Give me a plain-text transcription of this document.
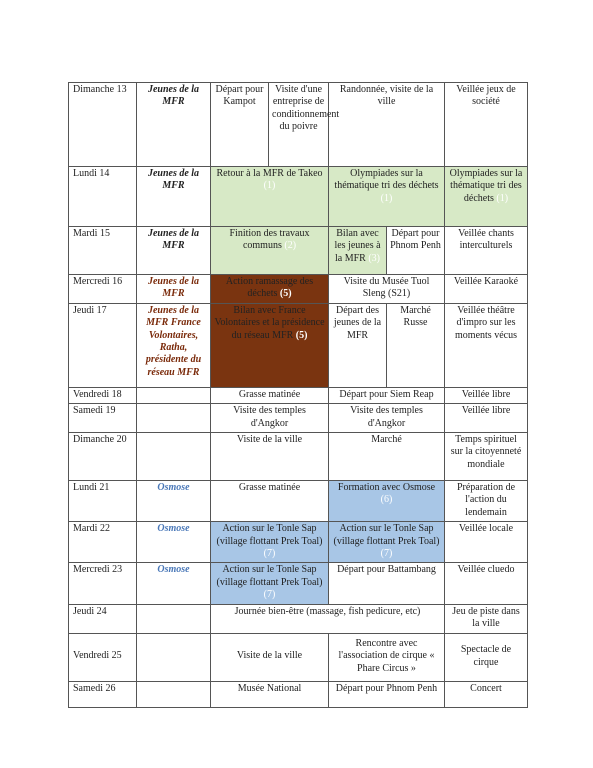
Dimanche 13	Jeunes de la MFR	Départ pour Kampot	Visite d'une entreprise de conditionnement du poivre	Randonnée, visite de la ville		Veillée jeux de société
Lundi 14	Jeunes de la MFR	Retour à la MFR de Takeo (1)		Olympiades sur la thématique tri des déchets (1)		Olympiades sur la thématique tri des déchets (1)
Mardi 15	Jeunes de la MFR	Finition des travaux communs (2)		Bilan avec les jeunes à la MFR (3)	Départ pour Phnom Penh	Veillée chants interculturels
Mercredi 16	Jeunes de la MFR	Action ramassage des déchets (5)		Visite du Musée Tuol Sleng (S21)		Veillée Karaoké
Jeudi 17	Jeunes de la MFR France Volontaires, Ratha, présidente du réseau MFR	Bilan avec France Volontaires et la présidence du réseau MFR (5)		Départ des jeunes de la MFR	Marché Russe	Veillée théâtre d'impro sur les moments vécus
Vendredi 18		Grasse matinée		Départ pour Siem Reap		Veillée libre
Samedi 19		Visite des temples d'Angkor		Visite des temples d'Angkor		Veillée libre
Dimanche 20		Visite de la ville		Marché		Temps spirituel sur la citoyenneté mondiale
Lundi 21	Osmose	Grasse matinée		Formation avec Osmose (6)		Préparation de l'action du lendemain
Mardi 22	Osmose	Action sur le Tonle Sap (village flottant Prek Toal) (7)		Action sur le Tonle Sap (village flottant Prek Toal) (7)		Veillée locale
Mercredi 23	Osmose	Action sur le Tonle Sap (village flottant Prek Toal) (7)		Départ pour Battambang		Veillée cluedo
Jeudi 24		Journée bien-être (massage, fish pedicure, etc)				Jeu de piste dans la ville
Vendredi 25		Visite de la ville		Rencontre avec l'association de cirque « Phare Circus »		Spectacle de cirque
Samedi 26		Musée National		Départ pour Phnom Penh		Concert
